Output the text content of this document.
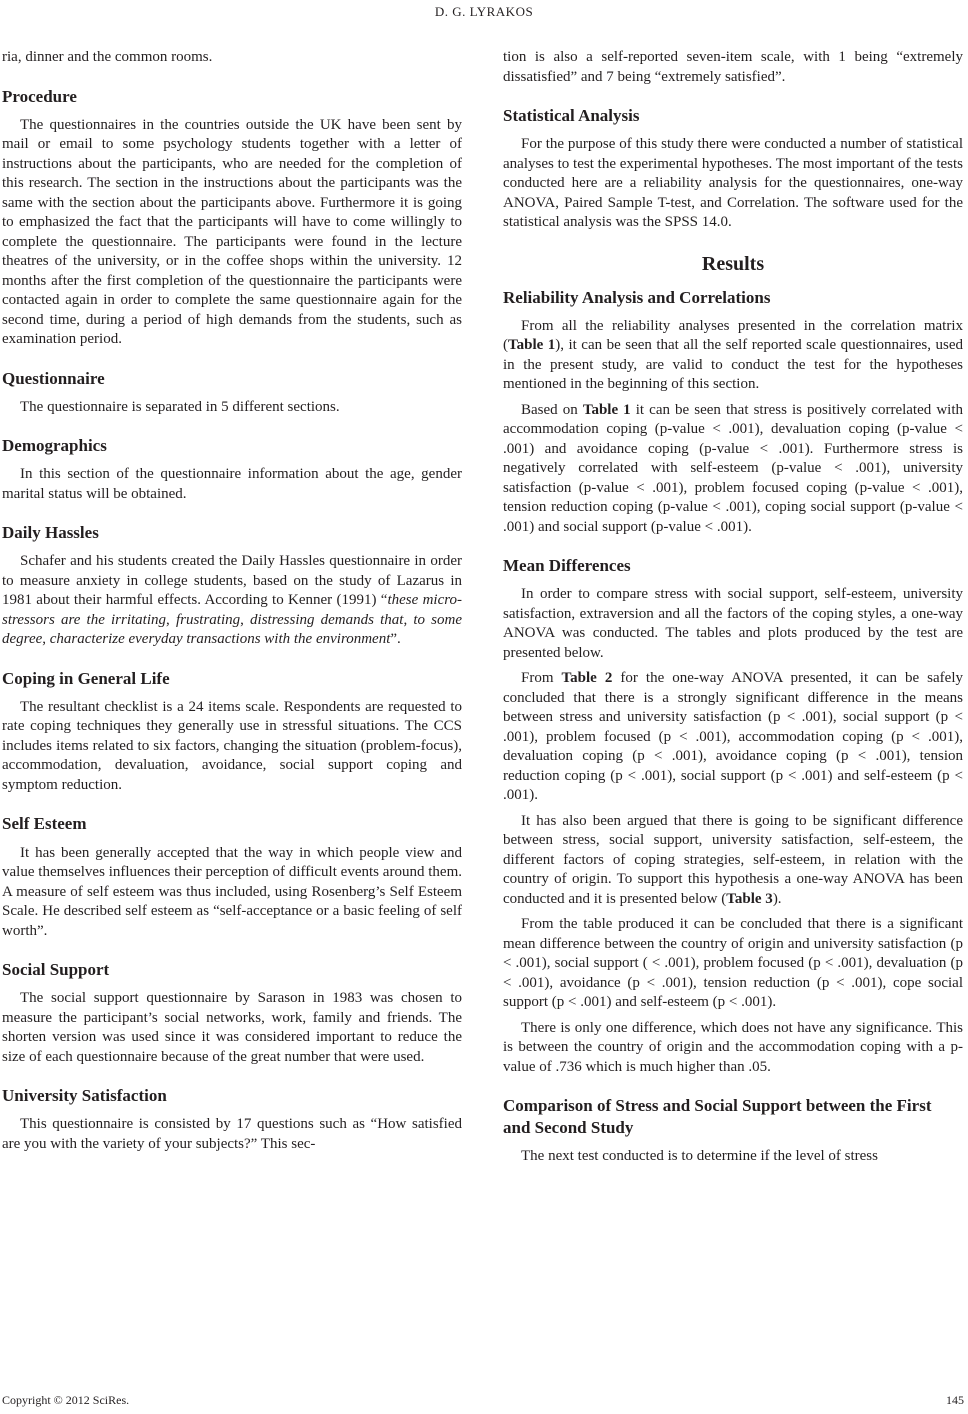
D. G. LYRAKOS

ria, dinner and the common rooms.

Procedure

The questionnaires in the countries outside the UK have been sent by mail or email to some psychology students together with a letter of instructions about the participants, who are needed for the completion of this research. The section in the instructions about the participants was the same with the section about the participants above. Furthermore it is going to emphasized the fact that the participants will have to come willingly to complete the questionnaire. The participants were found in the lecture theatres of the university, or in the coffee shops within the university. 12 months after the first completion of the questionnaire the participants were contacted again in order to complete the same questionnaire again for the second time, during a period of high demands from the students, such as examination period.

Questionnaire

The questionnaire is separated in 5 different sections.

Demographics

In this section of the questionnaire information about the age, gender marital status will be obtained.

Daily Hassles

Schafer and his students created the Daily Hassles questionnaire in order to measure anxiety in college students, based on the study of Lazarus in 1981 about their harmful effects. According to Kenner (1991) “these micro-stressors are the irritating, frustrating, distressing demands that, to some degree, characterize everyday transactions with the environment”.

Coping in General Life

The resultant checklist is a 24 items scale. Respondents are requested to rate coping techniques they generally use in stressful situations. The CCS includes items related to six factors, changing the situation (problem-focus), accommodation, devaluation, avoidance, social support coping and symptom reduction.

Self Esteem

It has been generally accepted that the way in which people view and value themselves influences their perception of difficult events around them. A measure of self esteem was thus included, using Rosenberg’s Self Esteem Scale. He described self esteem as “self-acceptance or a basic feeling of self worth”.

Social Support

The social support questionnaire by Sarason in 1983 was chosen to measure the participant’s social networks, work, family and friends. The shorten version was used since it was considered important to reduce the size of each questionnaire because of the great number that were used.

University Satisfaction

This questionnaire is consisted by 17 questions such as “How satisfied are you with the variety of your subjects?” This sec-

tion is also a self-reported seven-item scale, with 1 being “extremely dissatisfied” and 7 being “extremely satisfied”.

Statistical Analysis

For the purpose of this study there were conducted a number of statistical analyses to test the experimental hypotheses. The most important of the tests conducted here are a reliability analysis for the questionnaires, one-way ANOVA, Paired Sample T-test, and Correlation. The software used for the statistical analysis was the SPSS 14.0.

Results
Reliability Analysis and Correlations

From all the reliability analyses presented in the correlation matrix (Table 1), it can be seen that all the self reported scale questionnaires, used in the present study, are valid to conduct the test for the hypotheses mentioned in the beginning of this section.

Based on Table 1 it can be seen that stress is positively correlated with accommodation coping (p-value < .001), devaluation coping (p-value < .001) and avoidance coping (p-value < .001). Furthermore stress is negatively correlated with self-esteem (p-value < .001), university satisfaction (p-value < .001), problem focused coping (p-value < .001), tension reduction coping (p-value < .001), coping social support (p-value < .001) and social support (p-value < .001).

Mean Differences

In order to compare stress with social support, self-esteem, university satisfaction, extraversion and all the factors of the coping styles, a one-way ANOVA was conducted. The tables and plots produced by the test are presented below.

From Table 2 for the one-way ANOVA presented, it can be safely concluded that there is a strongly significant difference in the means between stress and university satisfaction (p < .001), social support (p < .001), problem focused (p < .001), accommodation coping (p < .001), devaluation coping (p < .001), avoidance coping (p < .001), tension reduction coping (p < .001), social support (p < .001) and self-esteem (p < .001).

It has also been argued that there is going to be significant difference between stress, social support, university satisfaction, self-esteem, the different factors of coping strategies, self-esteem, in relation with the country of origin. To support this hypothesis a one-way ANOVA has been conducted and it is presented below (Table 3).

From the table produced it can be concluded that there is a significant mean difference between the country of origin and university satisfaction (p < .001), social support ( < .001), problem focused (p < .001), devaluation (p < .001), avoidance (p < .001), tension reduction (p < .001), cope social support (p < .001) and self-esteem (p < .001).

There is only one difference, which does not have any significance. This is between the country of origin and the accommodation coping with a p-value of .736 which is much higher than .05.

Comparison of Stress and Social Support between the First and Second Study

The next test conducted is to determine if the level of stress

Copyright © 2012 SciRes.	145
